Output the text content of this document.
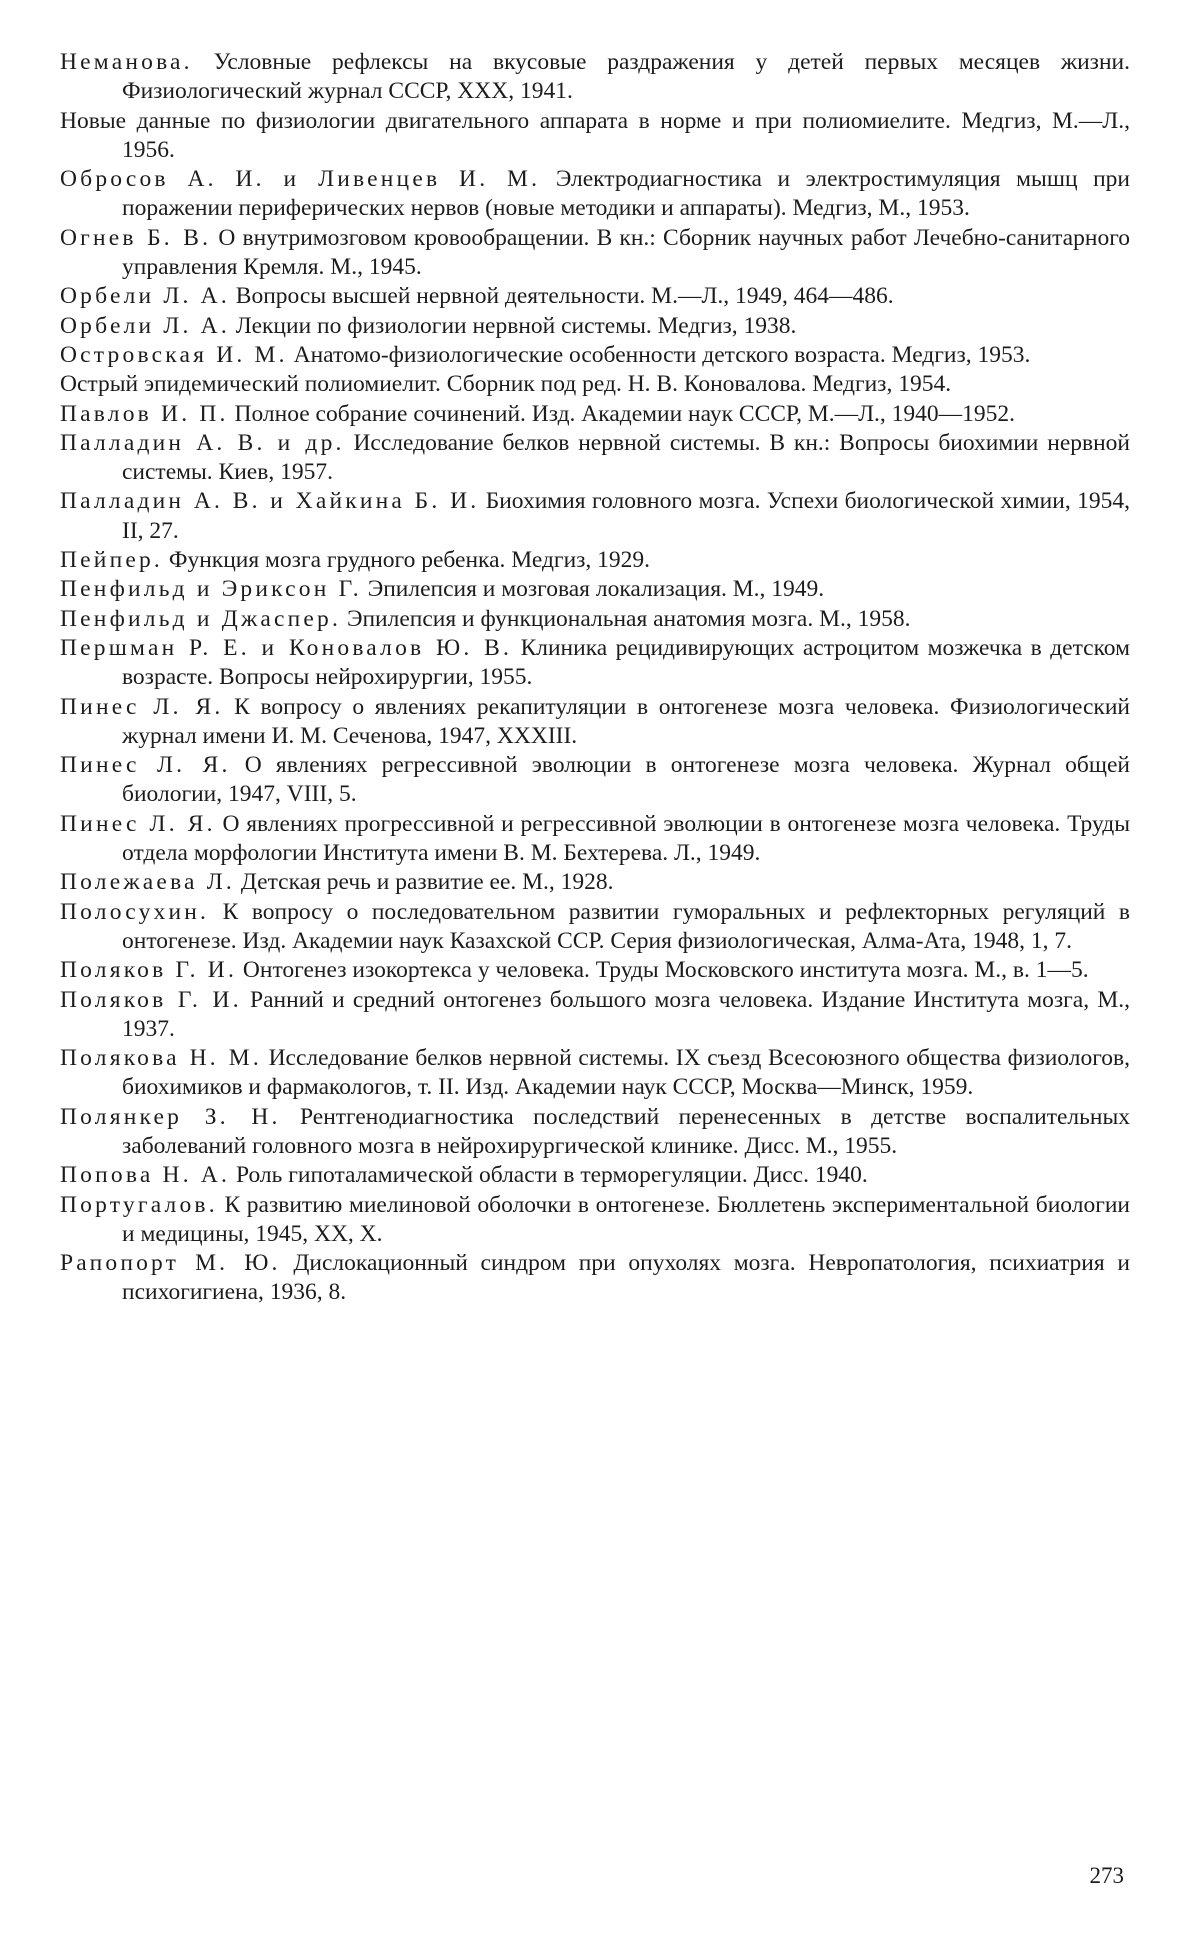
Неманова. Условные рефлексы на вкусовые раздражения у детей первых месяцев жизни. Физиологический журнал СССР, XXX, 1941.

Новые данные по физиологии двигательного аппарата в норме и при полиомиелите. Медгиз, М.—Л., 1956.

Обросов А. И. и Ливенцев И. М. Электродиагностика и электростимуляция мышц при поражении периферических нервов (новые методики и аппараты). Медгиз, М., 1953.

Огнев Б. В. О внутримозговом кровообращении. В кн.: Сборник научных работ Лечебно-санитарного управления Кремля. М., 1945.

Орбели Л. А. Вопросы высшей нервной деятельности. М.—Л., 1949, 464—486.

Орбели Л. А. Лекции по физиологии нервной системы. Медгиз, 1938.

Островская И. М. Анатомо-физиологические особенности детского возраста. Медгиз, 1953.

Острый эпидемический полиомиелит. Сборник под ред. Н. В. Коновалова. Медгиз, 1954.

Павлов И. П. Полное собрание сочинений. Изд. Академии наук СССР, М.—Л., 1940—1952.

Палладин А. В. и др. Исследование белков нервной системы. В кн.: Вопросы биохимии нервной системы. Киев, 1957.

Палладин А. В. и Хайкина Б. И. Биохимия головного мозга. Успехи биологической химии, 1954, II, 27.

Пейпер. Функция мозга грудного ребенка. Медгиз, 1929.

Пенфильд и Эриксон Г. Эпилепсия и мозговая локализация. М., 1949.

Пенфильд и Джаспер. Эпилепсия и функциональная анатомия мозга. М., 1958.

Першман Р. Е. и Коновалов Ю. В. Клиника рецидивирующих астроцитом мозжечка в детском возрасте. Вопросы нейрохирургии, 1955.

Пинес Л. Я. К вопросу о явлениях рекапитуляции в онтогенезе мозга человека. Физиологический журнал имени И. М. Сеченова, 1947, XXXIII.

Пинес Л. Я. О явлениях регрессивной эволюции в онтогенезе мозга человека. Журнал общей биологии, 1947, VIII, 5.

Пинес Л. Я. О явлениях прогрессивной и регрессивной эволюции в онтогенезе мозга человека. Труды отдела морфологии Института имени В. М. Бехтерева. Л., 1949.

Полежаева Л. Детская речь и развитие ее. М., 1928.

Полосухин. К вопросу о последовательном развитии гуморальных и рефлекторных регуляций в онтогенезе. Изд. Академии наук Казахской ССР. Серия физиологическая, Алма-Ата, 1948, 1, 7.

Поляков Г. И. Онтогенез изокортекса у человека. Труды Московского института мозга. М., в. 1—5.

Поляков Г. И. Ранний и средний онтогенез большого мозга человека. Издание Института мозга, М., 1937.

Полякова Н. М. Исследование белков нервной системы. IX съезд Всесоюзного общества физиологов, биохимиков и фармакологов, т. II. Изд. Академии наук СССР, Москва—Минск, 1959.

Полянкер З. Н. Рентгенодиагностика последствий перенесенных в детстве воспалительных заболеваний головного мозга в нейрохирургической клинике. Дисс. М., 1955.

Попова Н. А. Роль гипоталамической области в терморегуляции. Дисс. 1940.

Португалов. К развитию миелиновой оболочки в онтогенезе. Бюллетень экспериментальной биологии и медицины, 1945, XX, X.

Рапопорт М. Ю. Дислокационный синдром при опухолях мозга. Невропатология, психиатрия и психогигиена, 1936, 8.

273
